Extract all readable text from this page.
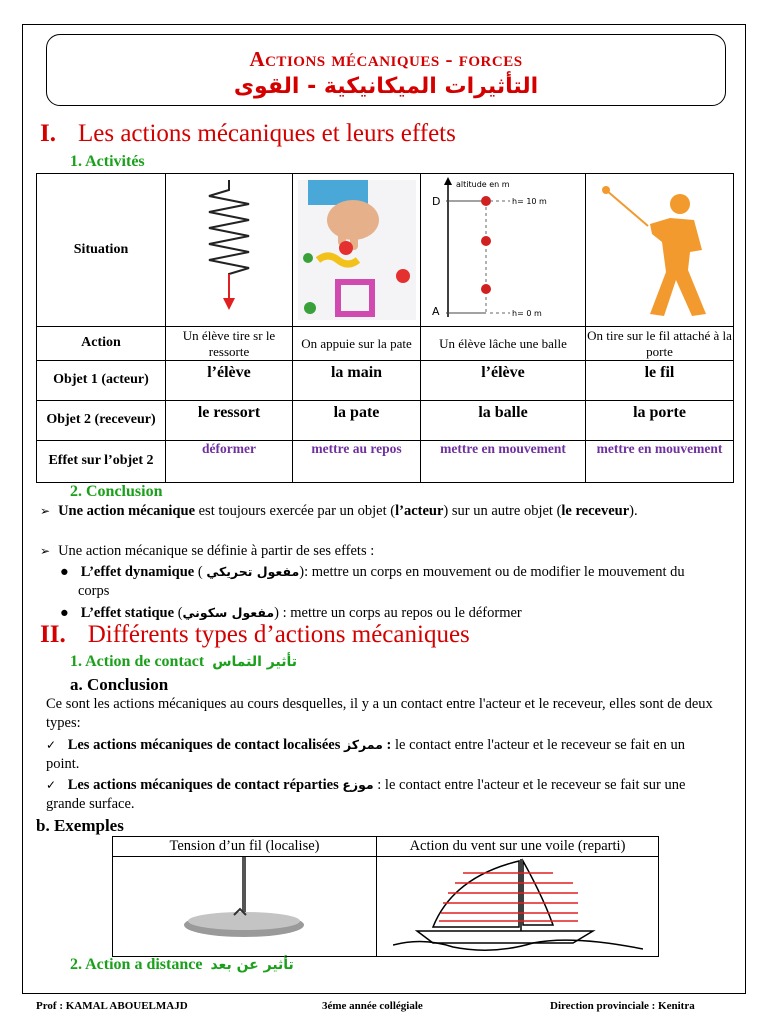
Actions mécaniques - forces
التأثيرات الميكانيكية - القوى
I. Les actions mécaniques et leurs effets
1. Activités
Situation			altitude en m
D
A
h= 10 m
h= 0 m

Action	Un élève tire sr le ressorte	On appuie sur la pate	Un élève lâche une balle	On tire sur le fil attaché à la porte
Objet 1 (acteur)	l’élève	la main	l’élève	le fil
Objet 2 (receveur)	le ressort	la pate	la balle	la porte
Effet sur l’objet 2	déformer	mettre au repos	mettre en mouvement	mettre en mouvement
2. Conclusion
➢ Une action mécanique est toujours exercée par un objet (l’acteur) sur un autre objet (le receveur).
➢ Une action mécanique se définie à partir de ses effets :
● L’effet dynamique ( مفعول تحريكي): mettre un corps en mouvement ou de modifier le mouvement du corps
● L’effet statique (مفعول سكوني) : mettre un corps au repos ou le déformer
II. Différents types d’actions mécaniques
1. Action de contact تأثير التماس
a. Conclusion
Ce sont les actions mécaniques au cours desquelles, il y a un contact entre l'acteur et le receveur, elles sont de deux types:
✓ Les actions mécaniques de contact localisées ممركز : le contact entre l'acteur et le receveur se fait en un point.
✓ Les actions mécaniques de contact réparties موزع : le contact entre l'acteur et le receveur se fait sur une grande surface.
b. Exemples
Tension d’un fil (localise)	Action du vent sur une voile (reparti)

2. Action a distance تأثير عن بعد
Prof : KAMAL ABOUELMAJD	3éme année collégiale	Direction provinciale : Kenitra
